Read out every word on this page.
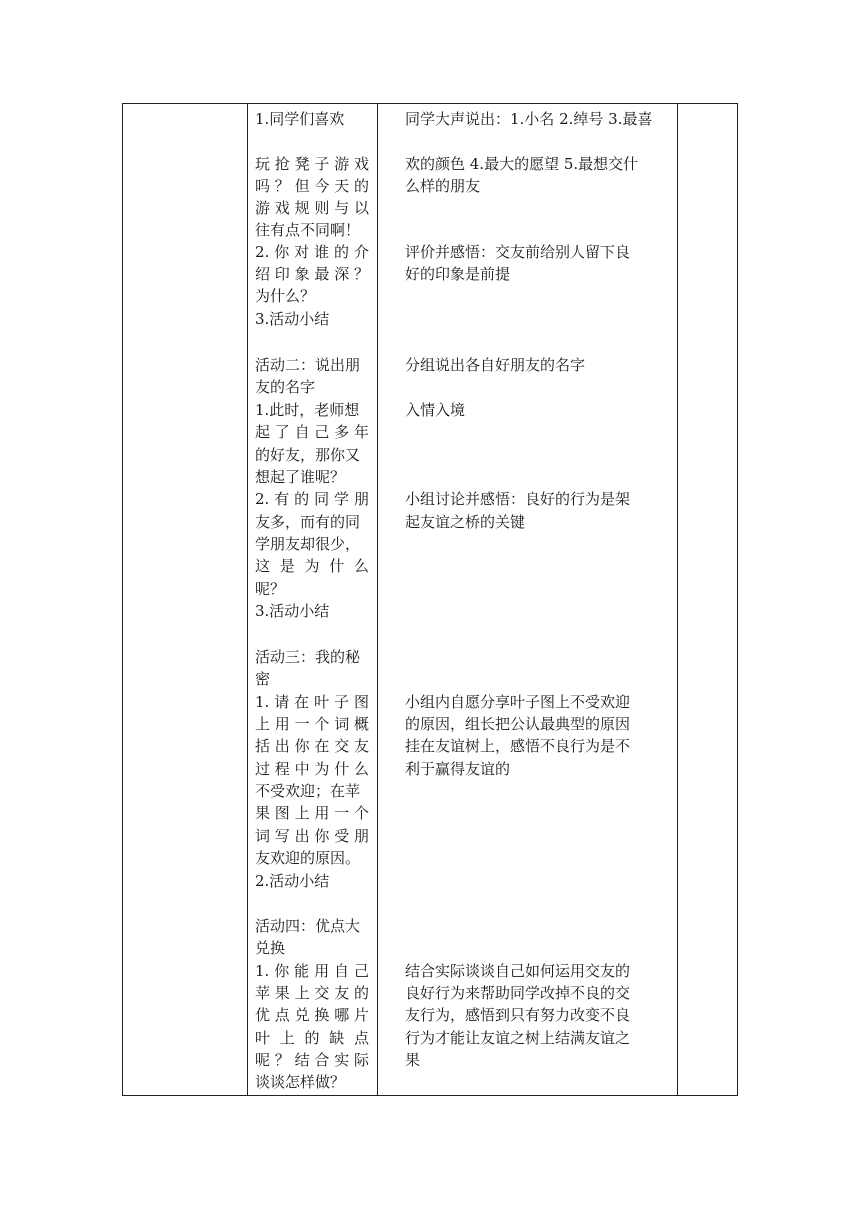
1.同学们喜欢
玩抢凳子游戏
吗？但今天的
游戏规则与以
往有点不同啊！
2.你对谁的介
绍印象最深？
为什么？
3.活动小结
活动二：说出朋
友的名字
1.此时，老师想
起了自己多年
的好友，那你又
想起了谁呢？
2.有的同学朋
友多，而有的同
学朋友却很少，
这是为什么
呢？
3.活动小结
活动三：我的秘
密
1.请在叶子图
上用一个词概
括出你在交友
过程中为什么
不受欢迎；在苹
果图上用一个
词写出你受朋
友欢迎的原因。
2.活动小结
活动四：优点大
兑换
1.你能用自己
苹果上交友的
优点兑换哪片
叶上的缺点
呢？结合实际
谈谈怎样做？
同学大声说出：1.小名 2.绰号 3.最喜
欢的颜色 4.最大的愿望 5.最想交什
么样的朋友
评价并感悟：交友前给别人留下良
好的印象是前提
分组说出各自好朋友的名字
入情入境
小组讨论并感悟：良好的行为是架
起友谊之桥的关键
小组内自愿分享叶子图上不受欢迎
的原因，组长把公认最典型的原因
挂在友谊树上，感悟不良行为是不
利于赢得友谊的
结合实际谈谈自己如何运用交友的
良好行为来帮助同学改掉不良的交
友行为，感悟到只有努力改变不良
行为才能让友谊之树上结满友谊之
果
